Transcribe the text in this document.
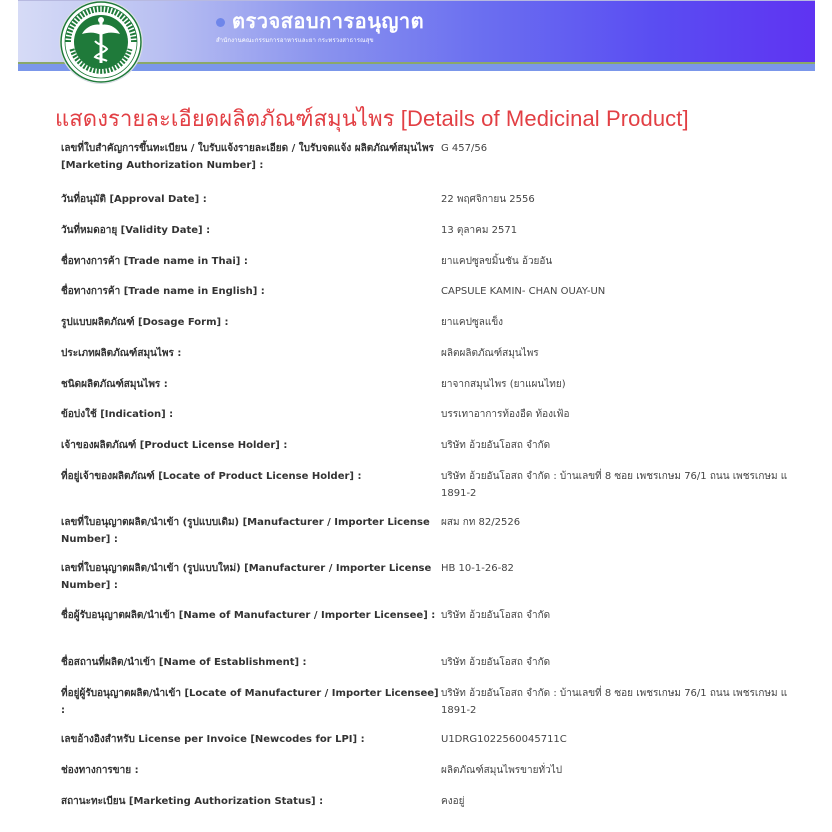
ตรวจสอบการอนุญาต
สำนักงานคณะกรรมการอาหารและยา กระทรวงสาธารณสุข
แสดงรายละเอียดผลิตภัณฑ์สมุนไพร [Details of Medicinal Product]
เลขที่ใบสำคัญการขึ้นทะเบียน / ใบรับแจ้งรายละเอียด / ใบรับจดแจ้ง ผลิตภัณฑ์สมุนไพร [Marketing Authorization Number] :
G 457/56
วันที่อนุมัติ [Approval Date] :	22 พฤศจิกายน 2556
วันที่หมดอายุ [Validity Date] :	13 ตุลาคม 2571
ชื่อทางการค้า [Trade name in Thai] :	ยาแคปซูลขมิ้นชัน อ้วยอัน
ชื่อทางการค้า [Trade name in English] :	CAPSULE KAMIN- CHAN OUAY-UN
รูปแบบผลิตภัณฑ์ [Dosage Form] :	ยาแคปซูลแข็ง
ประเภทผลิตภัณฑ์สมุนไพร :	ผลิตผลิตภัณฑ์สมุนไพร
ชนิดผลิตภัณฑ์สมุนไพร :	ยาจากสมุนไพร (ยาแผนไทย)
ข้อบ่งใช้ [Indication] :	บรรเทาอาการท้องอืด ท้องเฟ้อ
เจ้าของผลิตภัณฑ์ [Product License Holder] :	บริษัท อ้วยอันโอสถ จำกัด
ที่อยู่เจ้าของผลิตภัณฑ์ [Locate of Product License Holder] :	บริษัท อ้วยอันโอสถ จำกัด : บ้านเลขที่ 8 ซอย เพชรเกษม 76/1 ถนน เพชรเกษม แ
1891-2
เลขที่ใบอนุญาตผลิต/นำเข้า (รูปแบบเดิม) [Manufacturer / Importer License Number] :
ผสม กท 82/2526
เลขที่ใบอนุญาตผลิต/นำเข้า (รูปแบบใหม่) [Manufacturer / Importer License Number] :
HB 10-1-26-82
ชื่อผู้รับอนุญาตผลิต/นำเข้า [Name of Manufacturer / Importer Licensee] : บริษัท อ้วยอันโอสถ จำกัด
ชื่อสถานที่ผลิต/นำเข้า [Name of Establishment] :	บริษัท อ้วยอันโอสถ จำกัด
ที่อยู่ผู้รับอนุญาตผลิต/นำเข้า [Locate of Manufacturer / Importer Licensee] :
บริษัท อ้วยอันโอสถ จำกัด : บ้านเลขที่ 8 ซอย เพชรเกษม 76/1 ถนน เพชรเกษม แ
1891-2
เลขอ้างอิงสำหรับ License per Invoice [Newcodes for LPI] :	U1DRG1022560045711C
ช่องทางการขาย :	ผลิตภัณฑ์สมุนไพรขายทั่วไป
สถานะทะเบียน [Marketing Authorization Status] :	คงอยู่
